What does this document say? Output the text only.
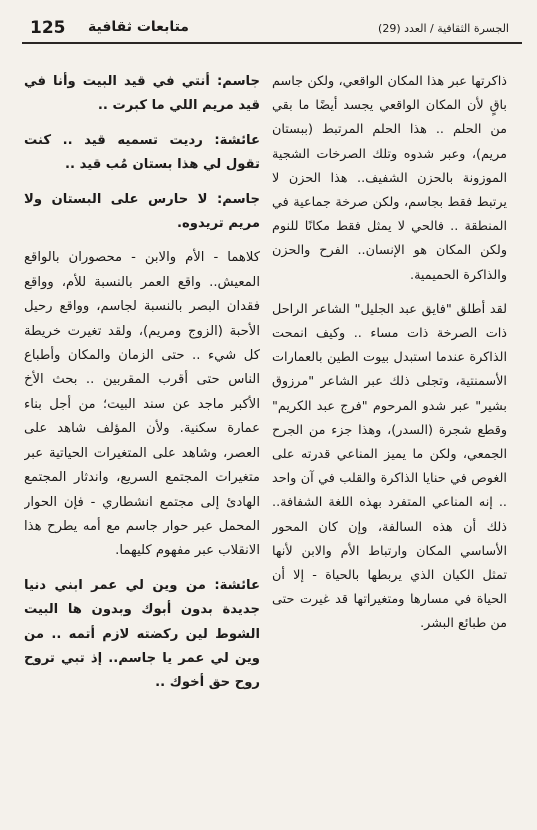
125 متابعات ثقافية	الجسرة الثقافية / العدد (29)

ذاكرتها عبر هذا المكان الواقعي، ولكن جاسم باقٍ لأن المكان الواقعي يجسد أيضًا ما بقي من الحلم .. هذا الحلم المرتبط (ببستان مريم)، وعبر شدوه وتلك الصرخات الشجية الموزونة بالحزن الشفيف.. هذا الحزن لا يرتبط فقط بجاسم، ولكن صرخة جماعية في المنطقة .. فالحي لا يمثل فقط مكانًا للنوم ولكن المكان هو الإنسان.. الفرح والحزن والذاكرة الحميمية.

لقد أطلق "فايق عبد الجليل" الشاعر الراحل ذات الصرخة ذات مساء .. وكيف انمحت الذاكرة عندما استبدل بيوت الطين بالعمارات الأسمنتية، وتجلى ذلك عبر الشاعر "مرزوق بشير" عبر شدو المرحوم "فرج عبد الكريم" وقطع شجرة (السدر)، وهذا جزء من الجرح الجمعي، ولكن ما يميز المناعي قدرته على الغوص في حنايا الذاكرة والقلب في آن واحد .. إنه المناعي المتفرد بهذه اللغة الشفافة.. ذلك أن هذه السالفة، وإن كان المحور الأساسي المكان وارتباط الأم والابن لأنها تمثل الكيان الذي يربطها بالحياة - إلا أن الحياة في مسارها ومتغيراتها قد غيرت حتى من طبائع البشر.

جاسم: أنتي في قيد البيت وأنا في قيد مريم اللي ما كبرت ..

عائشة: رديت تسميه قيد .. كنت تقول لي هذا بستان مُب قيد ..

جاسم: لا حارس على البستان ولا مريم تريدوه.

كلاهما - الأم والابن - محصوران بالواقع المعيش.. واقع العمر بالنسبة للأم، وواقع فقدان البصر بالنسبة لجاسم، وواقع رحيل الأحبة (الزوج ومريم)، ولقد تغيرت خريطة كل شيء .. حتى الزمان والمكان وأطباع الناس حتى أقرب المقربين .. بحث الأخ الأكبر ماجد عن سند البيت؛ من أجل بناء عمارة سكنية. ولأن المؤلف شاهد على العصر، وشاهد على المتغيرات الحياتية عبر متغيرات المجتمع السريع، واندثار المجتمع الهادئ إلى مجتمع انشطاري - فإن الحوار المحمل عبر حوار جاسم مع أمه يطرح هذا الانقلاب عبر مفهوم كليهما.

عائشة: من وين لي عمر ابني دنيا جديدة بدون أبوك وبدون ها البيت الشوط لين ركضته لازم أتمه .. من وين لي عمر يا جاسم.. إذ تبي تروح روح حق أخوك ..
